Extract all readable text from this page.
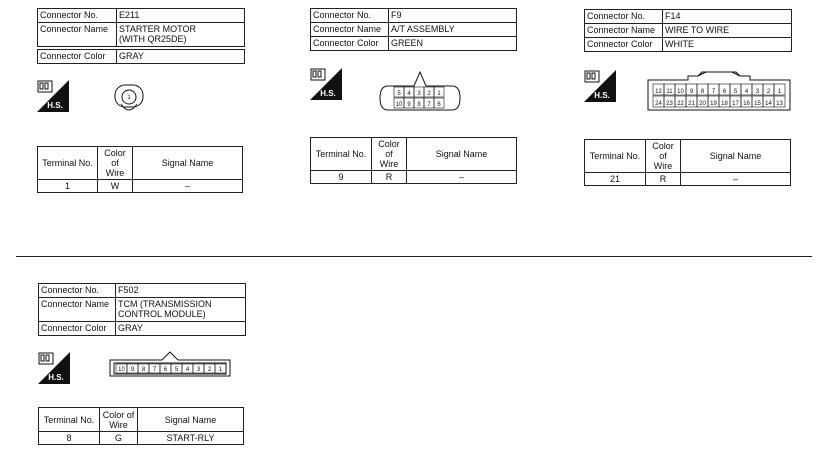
Connector No.	E211
Connector Name	STARTER MOTOR
(WITH QR25DE)
Connector Color	GRAY
H.S.
1
Terminal No.	Color of
Wire	Signal Name
1	W	–
Connector No.	F9
Connector Name	A/T ASSEMBLY
Connector Color	GREEN
H.S.	5 4 3 2 1
10 9 8 7 6
Terminal No.	Color of
Wire	Signal Name
9	R	–
Connector No.	F14
Connector Name	WIRE TO WIRE
Connector Color	WHITE
H.S.	12 11 10 9 8 7 6 5 4 3 2 1
24 23 22 21 20 19 18 17 16 15 14 13
Terminal No.	Color of
Wire	Signal Name
21	R	–
Connector No.	F502
Connector Name	TCM (TRANSMISSION
CONTROL MODULE)
Connector Color	GRAY
H.S.
10 9 8 7 6 5 4 3 2 1
Terminal No.	Color of
Wire	Signal Name
8	G	START-RLY
